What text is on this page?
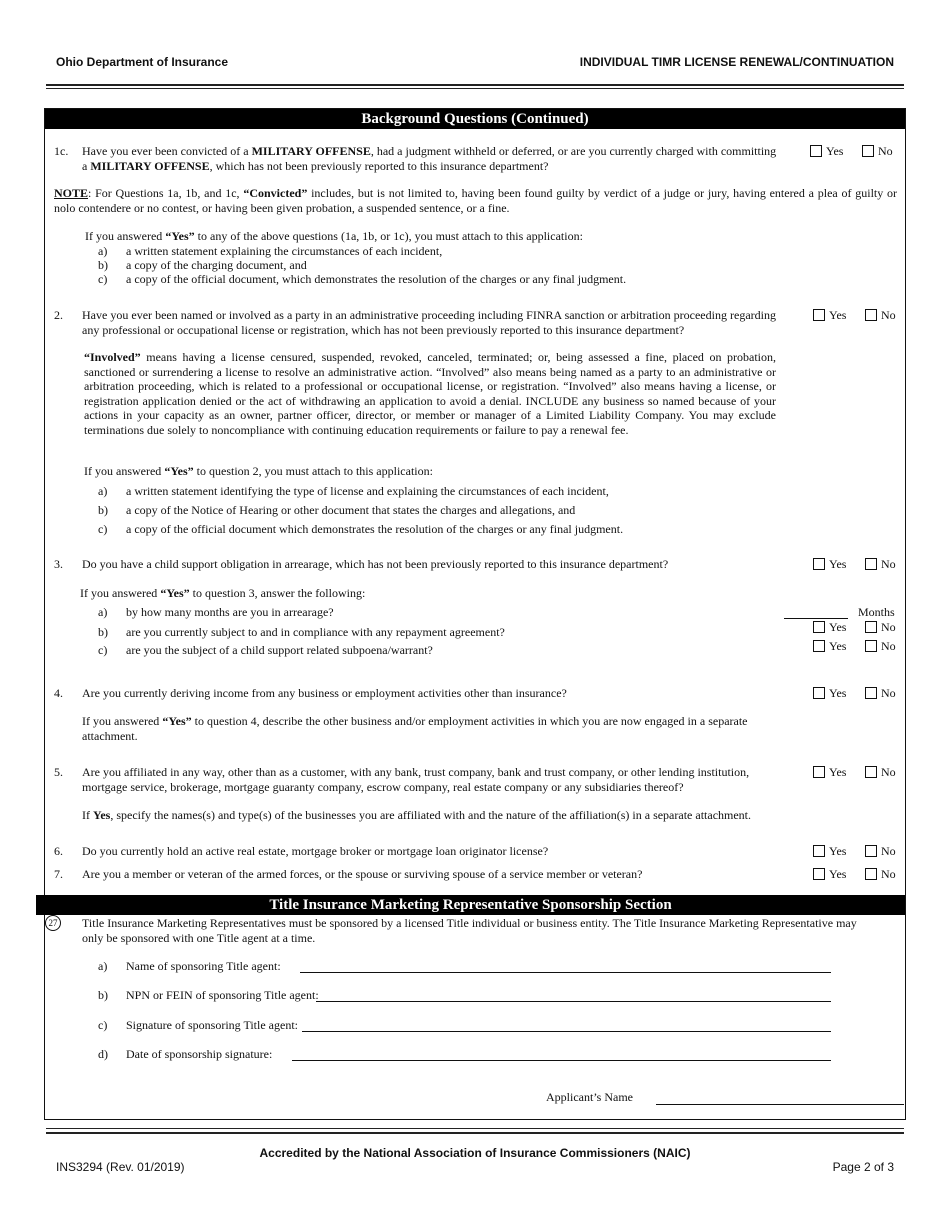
Ohio Department of Insurance	INDIVIDUAL TIMR LICENSE RENEWAL/CONTINUATION
Background Questions (Continued)
1c. Have you ever been convicted of a MILITARY OFFENSE, had a judgment withheld or deferred, or are you currently charged with committing a MILITARY OFFENSE, which has not been previously reported to this insurance department?
Yes	No
NOTE: For Questions 1a, 1b, and 1c, “Convicted” includes, but is not limited to, having been found guilty by verdict of a judge or jury, having entered a plea of guilty or nolo contendere or no contest, or having been given probation, a suspended sentence, or a fine.
If you answered “Yes” to any of the above questions (1a, 1b, or 1c), you must attach to this application:
a) a written statement explaining the circumstances of each incident,
b) a copy of the charging document, and
c) a copy of the official document, which demonstrates the resolution of the charges or any final judgment.
2. Have you ever been named or involved as a party in an administrative proceeding including FINRA sanction or arbitration proceeding regarding any professional or occupational license or registration, which has not been previously reported to this insurance department?
Yes	No
“Involved” means having a license censured, suspended, revoked, canceled, terminated; or, being assessed a fine, placed on probation, sanctioned or surrendering a license to resolve an administrative action. “Involved” also means being named as a party to an administrative or arbitration proceeding, which is related to a professional or occupational license, or registration. “Involved” also means having a license, or registration application denied or the act of withdrawing an application to avoid a denial. INCLUDE any business so named because of your actions in your capacity as an owner, partner officer, director, or member or manager of a Limited Liability Company. You may exclude terminations due solely to noncompliance with continuing education requirements or failure to pay a renewal fee.
If you answered “Yes” to question 2, you must attach to this application:
a) a written statement identifying the type of license and explaining the circumstances of each incident,
b) a copy of the Notice of Hearing or other document that states the charges and allegations, and
c) a copy of the official document which demonstrates the resolution of the charges or any final judgment.
3. Do you have a child support obligation in arrearage, which has not been previously reported to this insurance department?	Yes	No
If you answered “Yes” to question 3, answer the following:
a) by how many months are you in arrearage?	Months
b) are you currently subject to and in compliance with any repayment agreement?	Yes	No
c) are you the subject of a child support related subpoena/warrant?	Yes	No
4. Are you currently deriving income from any business or employment activities other than insurance?	Yes	No
If you answered “Yes” to question 4, describe the other business and/or employment activities in which you are now engaged in a separate attachment.
5. Are you affiliated in any way, other than as a customer, with any bank, trust company, bank and trust company, or other lending institution, mortgage service, brokerage, mortgage guaranty company, escrow company, real estate company or any subsidiaries thereof?
Yes	No
If Yes, specify the names(s) and type(s) of the businesses you are affiliated with and the nature of the affiliation(s) in a separate attachment.
6. Do you currently hold an active real estate, mortgage broker or mortgage loan originator license?	Yes	No
7. Are you a member or veteran of the armed forces, or the spouse or surviving spouse of a service member or veteran?	Yes	No
Title Insurance Marketing Representative Sponsorship Section
27 Title Insurance Marketing Representatives must be sponsored by a licensed Title individual or business entity. The Title Insurance Marketing Representative may only be sponsored with one Title agent at a time.
a) Name of sponsoring Title agent:
b) NPN or FEIN of sponsoring Title agent:
c) Signature of sponsoring Title agent:
d) Date of sponsorship signature:
Applicant’s Name
Accredited by the National Association of Insurance Commissioners (NAIC)
INS3294 (Rev. 01/2019)	Page 2 of 3
